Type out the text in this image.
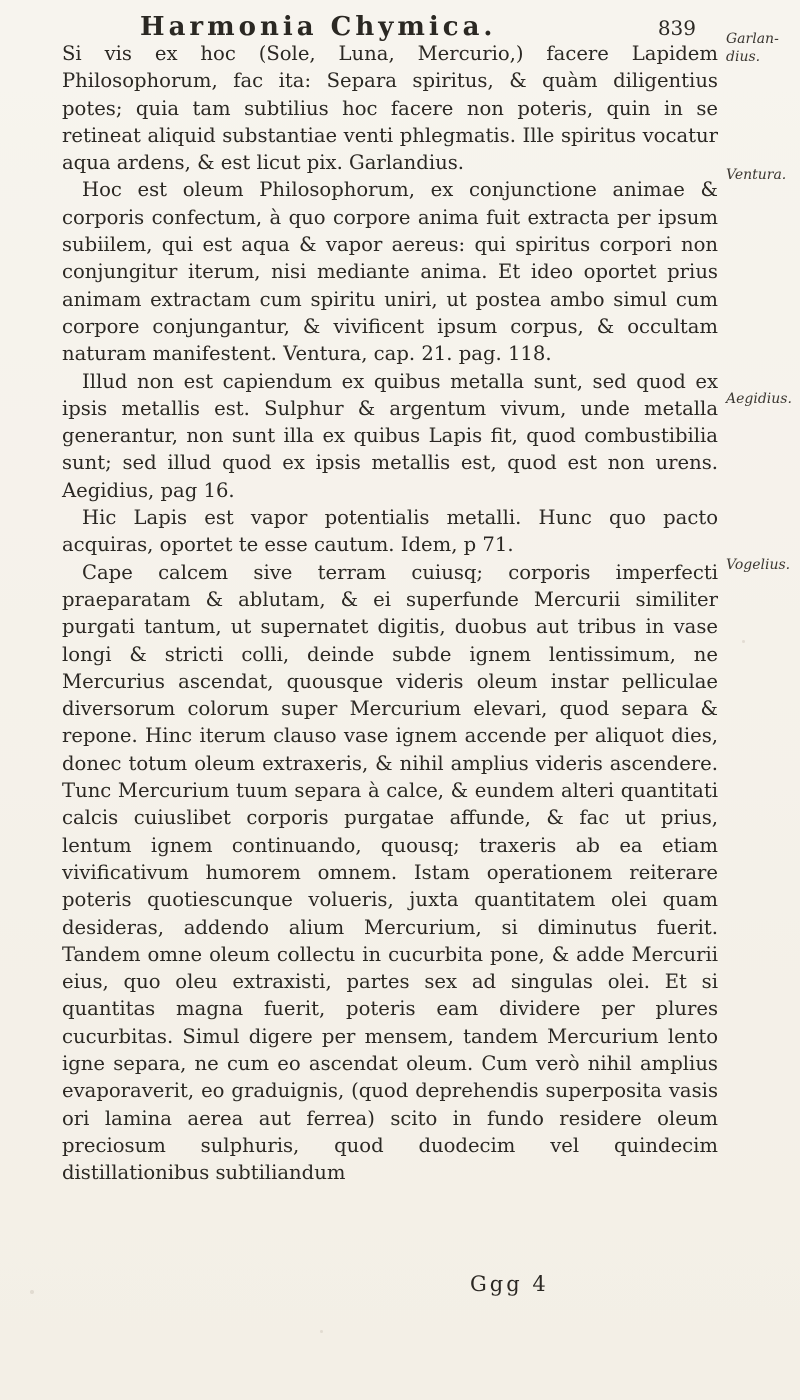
Harmonia Chymica.	839 Garlan-dius.
Ventura.
Aegidius.
Vogelius.

Si vis ex hoc (Sole, Luna, Mercurio,) facere Lapidem Philosophorum, fac ita: Separa spiritus, & quàm diligentius potes; quia tam subtilius hoc facere non poteris, quin in se retineat aliquid substantiae venti phlegmatis. Ille spiritus vocatur aqua ardens, & est licut pix. Garlandius.

Hoc est oleum Philosophorum, ex conjunctione animae & corporis confectum, à quo corpore anima fuit extracta per ipsum subiilem, qui est aqua & vapor aereus: qui spiritus corpori non conjungitur iterum, nisi mediante anima. Et ideo oportet prius animam extractam cum spiritu uniri, ut postea ambo simul cum corpore conjungantur, & vivificent ipsum corpus, & occultam naturam manifestent. Ventura, cap. 21. pag. 118.

Illud non est capiendum ex quibus metalla sunt, sed quod ex ipsis metallis est. Sulphur & argentum vivum, unde metalla generantur, non sunt illa ex quibus Lapis fit, quod combustibilia sunt; sed illud quod ex ipsis metallis est, quod est non urens. Aegidius, pag 16.

Hic Lapis est vapor potentialis metalli. Hunc quo pacto acquiras, oportet te esse cautum. Idem, p 71.

Cape calcem sive terram cuiusq; corporis imperfecti praeparatam & ablutam, & ei superfunde Mercurii similiter purgati tantum, ut supernatet digitis, duobus aut tribus in vase longi & stricti colli, deinde subde ignem lentissimum, ne Mercurius ascendat, quousque videris oleum instar pelliculae diversorum colorum super Mercurium elevari, quod separa & repone. Hinc iterum clauso vase ignem accende per aliquot dies, donec totum oleum extraxeris, & nihil amplius videris ascendere. Tunc Mercurium tuum separa à calce, & eundem alteri quantitati calcis cuiuslibet corporis purgatae affunde, & fac ut prius, lentum ignem continuando, quousq; traxeris ab ea etiam vivificativum humorem omnem. Istam operationem reiterare poteris quotiescunque volueris, juxta quantitatem olei quam desideras, addendo alium Mercurium, si diminutus fuerit. Tandem omne oleum collectu in cucurbita pone, & adde Mercurii eius, quo oleu extraxisti, partes sex ad singulas olei. Et si quantitas magna fuerit, poteris eam dividere per plures cucurbitas. Simul digere per mensem, tandem Mercurium lento igne separa, ne cum eo ascendat oleum. Cum verò nihil amplius evaporaverit, eo graduignis, (quod deprehendis superposita vasis ori lamina aerea aut ferrea) scito in fundo residere oleum preciosum sulphuris, quod duodecim vel quindecim distillationibus subtiliandum

Ggg 4
